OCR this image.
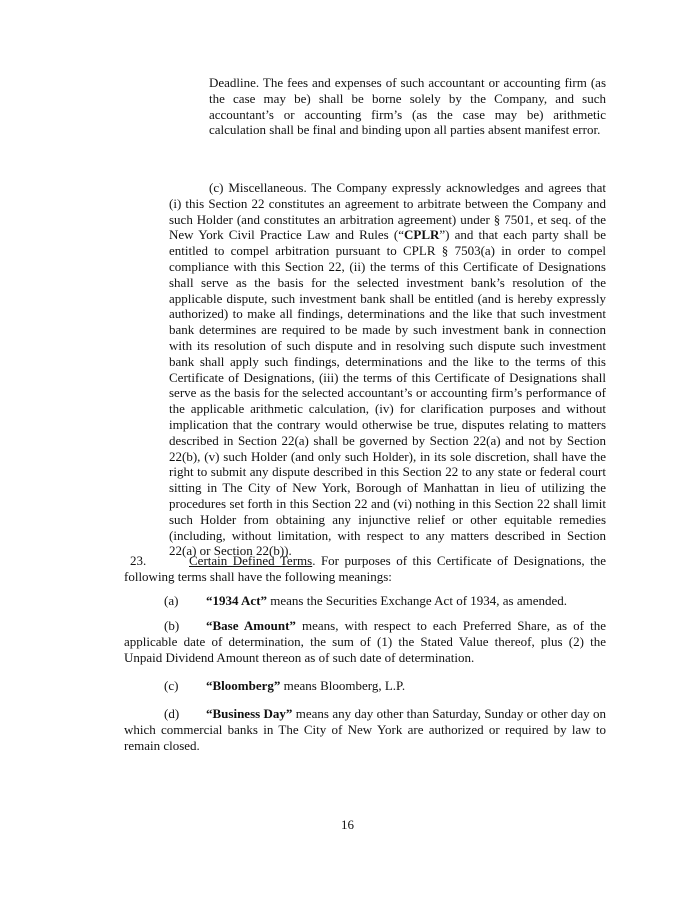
Deadline. The fees and expenses of such accountant or accounting firm (as the case may be) shall be borne solely by the Company, and such accountant’s or accounting firm’s (as the case may be) arithmetic calculation shall be final and binding upon all parties absent manifest error.

(c) Miscellaneous. The Company expressly acknowledges and agrees that (i) this Section 22 constitutes an agreement to arbitrate between the Company and such Holder (and constitutes an arbitration agreement) under § 7501, et seq. of the New York Civil Practice Law and Rules (“CPLR”) and that each party shall be entitled to compel arbitration pursuant to CPLR § 7503(a) in order to compel compliance with this Section 22, (ii) the terms of this Certificate of Designations shall serve as the basis for the selected investment bank’s resolution of the applicable dispute, such investment bank shall be entitled (and is hereby expressly authorized) to make all findings, determinations and the like that such investment bank determines are required to be made by such investment bank in connection with its resolution of such dispute and in resolving such dispute such investment bank shall apply such findings, determinations and the like to the terms of this Certificate of Designations, (iii) the terms of this Certificate of Designations shall serve as the basis for the selected accountant’s or accounting firm’s performance of the applicable arithmetic calculation, (iv) for clarification purposes and without implication that the contrary would otherwise be true, disputes relating to matters described in Section 22(a) shall be governed by Section 22(a) and not by Section 22(b), (v) such Holder (and only such Holder), in its sole discretion, shall have the right to submit any dispute described in this Section 22 to any state or federal court sitting in The City of New York, Borough of Manhattan in lieu of utilizing the procedures set forth in this Section 22 and (vi) nothing in this Section 22 shall limit such Holder from obtaining any injunctive relief or other equitable remedies (including, without limitation, with respect to any matters described in Section 22(a) or Section 22(b)).

23.	Certain Defined Terms. For purposes of this Certificate of Designations, the following terms shall have the following meanings:

(a) “1934 Act” means the Securities Exchange Act of 1934, as amended.

(b) “Base Amount” means, with respect to each Preferred Share, as of the applicable date of determination, the sum of (1) the Stated Value thereof, plus (2) the Unpaid Dividend Amount thereon as of such date of determination.

(c) “Bloomberg” means Bloomberg, L.P.

(d) “Business Day” means any day other than Saturday, Sunday or other day on which commercial banks in The City of New York are authorized or required by law to remain closed.

16
